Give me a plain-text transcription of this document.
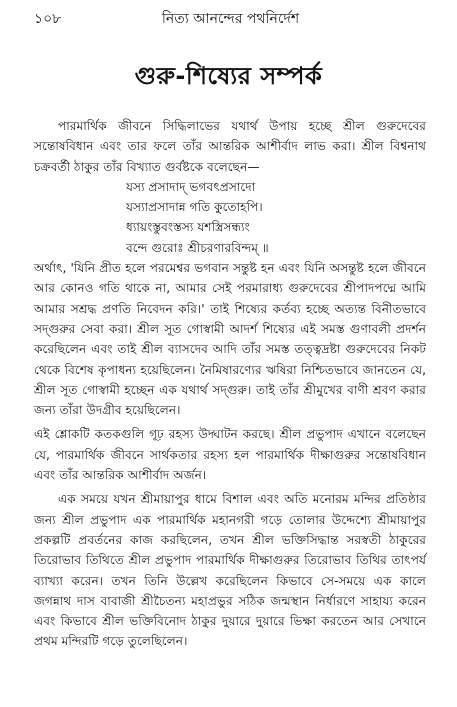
১০৮	নিত্য আনন্দের পথনির্দেশ
গুরু-শিষ্যের সম্পর্ক

পারমার্থিক জীবনে সিদ্ধিলাভের যথার্থ উপায় হচ্ছে শ্রীল গুরুদেবের সন্তোষবিধান এবং তার ফলে তাঁর আন্তরিক আশীর্বাদ লাভ করা। শ্রীল বিশ্বনাথ চক্রবর্তী ঠাকুর তাঁর বিখ্যাত গুর্বষ্টকে বলেছেন—

যস্য প্রসাদাদ্ ভগবৎপ্রসাদো
যস্যাপ্রসাদান্ন গতি কুতোহপি।
ধ্যায়ংস্তুবংস্তস্য যশস্ত্রিসন্ধ্যং
বন্দে গুরোঃ শ্রীচরণারবিন্দম্ ॥

অর্থাৎ, 'যিনি প্রীত হলে পরমেশ্বর ভগবান সন্তুষ্ট হন এবং যিনি অসন্তুষ্ট হলে জীবনে আর কোনও গতি থাকে না, আমার সেই পরমারাধ্য গুরুদেবের শ্রীপাদপদ্মে আমি আমার সশ্রদ্ধ প্রণতি নিবেদন করি।' তাই শিষ্যের কর্তব্য হচ্ছে অত্যন্ত বিনীতভাবে সদ্গুরুর সেবা করা। শ্রীল সূত গোস্বামী আদর্শ শিষ্যের এই সমস্ত গুণাবলী প্রদর্শন করেছিলেন এবং তাই শ্রীল ব্যাসদেব আদি তাঁর সমস্ত তত্ত্বদ্রষ্টা গুরুদেবের নিকট থেকে বিশেষ কৃপাধন্য হয়েছিলেন। নৈমিষারণ্যের ঋষিরা নিশ্চিতভাবে জানতেন যে, শ্রীল সূত গোস্বামী হচ্ছেন এক যথার্থ সদ্গুরু। তাই তাঁর শ্রীমুখের বাণী শ্রবণ করার জন্য তাঁরা উদগ্রীব হয়েছিলেন।

এই শ্লোকটি কতকগুলি গূঢ় রহস্য উদ্ঘাটন করছে। শ্রীল প্রভুপাদ এখানে বলেছেন যে, পারমার্থিক জীবনে সার্থকতার রহস্য হল পারমার্থিক দীক্ষাগুরুর সন্তোষবিধান এবং তাঁর আন্তরিক আশীর্বাদ অর্জন।

এক সময়ে যখন শ্রীমায়াপুর ধামে বিশাল এবং অতি মনোরম মন্দির প্রতিষ্ঠার জন্য শ্রীল প্রভুপাদ এক পারমার্থিক মহানগরী গড়ে তোলার উদ্দেশ্যে শ্রীমায়াপুর প্রকল্পটি প্রবর্তনের কাজ করছিলেন, তখন শ্রীল ভক্তিসিদ্ধান্ত সরস্বতী ঠাকুরের তিরোভাব তিথিতে শ্রীল প্রভুপাদ পারমার্থিক দীক্ষাগুরুর তিরোভাব তিথির তাৎপর্য ব্যাখ্যা করেন। তখন তিনি উল্লেখ করেছিলেন কিভাবে সে-সময়ে এক কালে জগন্নাথ দাস বাবাজী শ্রীচৈতন্য মহাপ্রভুর সঠিক জন্মস্থান নির্ধারণে সাহায্য করেন এবং কিভাবে শ্রীল ভক্তিবিনোদ ঠাকুর দুয়ারে দুয়ারে ভিক্ষা করতেন আর সেখানে প্রথম মন্দিরটি গড়ে তুলেছিলেন।
